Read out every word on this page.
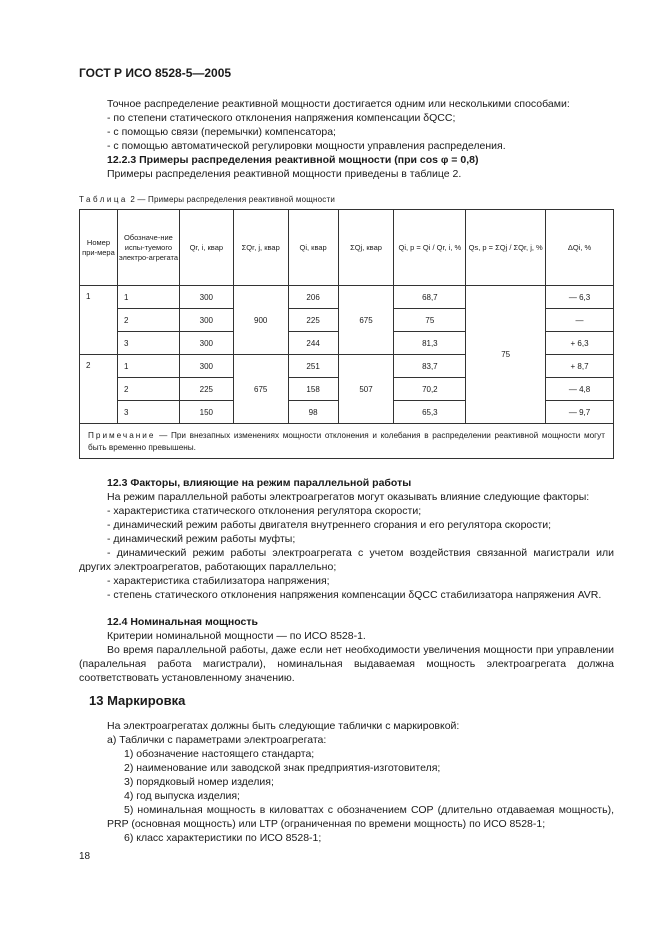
ГОСТ Р ИСО 8528-5—2005
Точное распределение реактивной мощности достигается одним или несколькими способами:
- по степени статического отклонения напряжения компенсации δQCC;
- с помощью связи (перемычки) компенсатора;
- с помощью автоматической регулировки мощности управления распределения.
12.2.3 Примеры распределения реактивной мощности (при cos φ = 0,8)
Примеры распределения реактивной мощности приведены в таблице 2.
Таблица 2 — Примеры распределения реактивной мощности
Номер при-мера	Обозначе-ние испы-туемого электро-агрегата	Qr, i, квар	ΣQr, j, квар	Qi, квар	ΣQj, квар	Qi, p = Qi / Qr, i, %	Qs, p = ΣQj / ΣQr, j, %	ΔQi, %
1	1	300	900	206	675	68,7	75	— 6,3
	2	300		225		75		—
	3	300		244		81,3		+ 6,3
2	1	300	675	251	507	83,7		+ 8,7
	2	225		158		70,2		— 4,8
	3	150		98		65,3		— 9,7
Примечание — При внезапных изменениях мощности отклонения и колебания в распределении реактивной мощности могут быть временно превышены.								
12.3 Факторы, влияющие на режим параллельной работы
На режим параллельной работы электроагрегатов могут оказывать влияние следующие факторы:
- характеристика статического отклонения регулятора скорости;
- динамический режим работы двигателя внутреннего сгорания и его регулятора скорости;
- динамический режим работы муфты;
- динамический режим работы электроагрегата с учетом воздействия связанной магистрали или других электроагрегатов, работающих параллельно;
- характеристика стабилизатора напряжения;
- степень статического отклонения напряжения компенсации δQCC стабилизатора напряжения AVR.
12.4 Номинальная мощность
Критерии номинальной мощности — по ИСО 8528-1.
Во время параллельной работы, даже если нет необходимости увеличения мощности при управлении (паралельная работа магистрали), номинальная выдаваемая мощность электроагрегата должна соответствовать установленному значению.
13 Маркировка
На электроагрегатах должны быть следующие таблички с маркировкой:
а) Таблички с параметрами электроагрегата:
1) обозначение настоящего стандарта;
2) наименование или заводской знак предприятия-изготовителя;
3) порядковый номер изделия;
4) год выпуска изделия;
5) номинальная мощность в киловаттах с обозначением СОР (длительно отдаваемая мощность), PRP (основная мощность) или LTP (ограниченная по времени мощность) по ИСО 8528-1;
6) класс характеристики по ИСО 8528-1;
18
